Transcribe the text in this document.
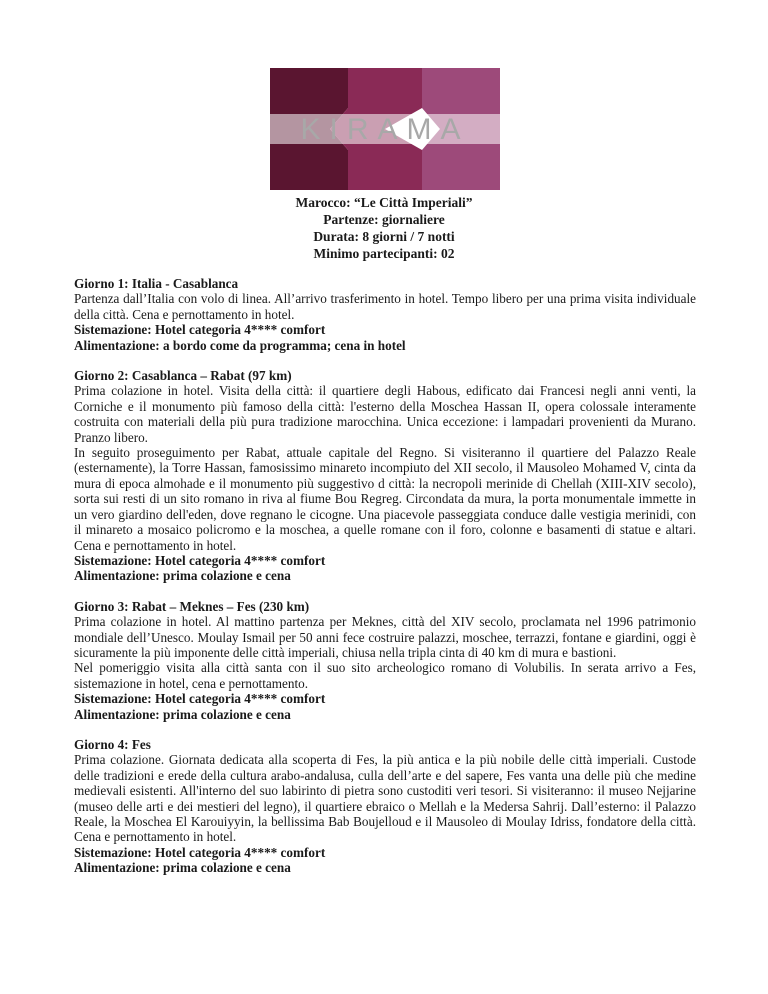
KIRAMA
Marocco: “Le Città Imperiali”
Partenze: giornaliere
Durata: 8 giorni / 7 notti
Minimo partecipanti: 02
Giorno 1: Italia - Casablanca
Partenza dall’Italia con volo di linea. All’arrivo trasferimento in hotel. Tempo libero per una prima visita individuale della città. Cena e pernottamento in hotel.
Sistemazione: Hotel categoria 4**** comfort
Alimentazione: a bordo come da programma; cena in hotel
Giorno 2: Casablanca – Rabat (97 km)
Prima colazione in hotel. Visita della città: il quartiere degli Habous, edificato dai Francesi negli anni venti, la Corniche e il monumento più famoso della città: l'esterno della Moschea Hassan II, opera colossale interamente costruita con materiali della più pura tradizione marocchina. Unica eccezione: i lampadari provenienti da Murano. Pranzo libero.
In seguito proseguimento per Rabat, attuale capitale del Regno. Si visiteranno il quartiere del Palazzo Reale (esternamente), la Torre Hassan, famosissimo minareto incompiuto del XII secolo, il Mausoleo Mohamed V, cinta da mura di epoca almohade e il monumento più suggestivo d città: la necropoli merinide di Chellah (XIII-XIV secolo), sorta sui resti di un sito romano in riva al fiume Bou Regreg. Circondata da mura, la porta monumentale immette in un vero giardino dell'eden, dove regnano le cicogne. Una piacevole passeggiata conduce dalle vestigia merinidi, con il minareto a mosaico policromo e la moschea, a quelle romane con il foro, colonne e basamenti di statue e altari. Cena e pernottamento in hotel.
Sistemazione: Hotel categoria 4**** comfort
Alimentazione: prima colazione e cena
Giorno 3: Rabat – Meknes – Fes (230 km)
Prima colazione in hotel. Al mattino partenza per Meknes, città del XIV secolo, proclamata nel 1996 patrimonio mondiale dell’Unesco. Moulay Ismail per 50 anni fece costruire palazzi, moschee, terrazzi, fontane e giardini, oggi è sicuramente la più imponente delle città imperiali, chiusa nella tripla cinta di 40 km di mura e bastioni.
Nel pomeriggio visita alla città santa con il suo sito archeologico romano di Volubilis. In serata arrivo a Fes, sistemazione in hotel, cena e pernottamento.
Sistemazione: Hotel categoria 4**** comfort
Alimentazione: prima colazione e cena
Giorno 4: Fes
Prima colazione. Giornata dedicata alla scoperta di Fes, la più antica e la più nobile delle città imperiali. Custode delle tradizioni e erede della cultura arabo-andalusa, culla dell’arte e del sapere, Fes vanta una delle più che medine medievali esistenti. All'interno del suo labirinto di pietra sono custoditi veri tesori. Si visiteranno: il museo Nejjarine (museo delle arti e dei mestieri del legno), il quartiere ebraico o Mellah e la Medersa Sahrij. Dall’esterno: il Palazzo Reale, la Moschea El Karouiyyin, la bellissima Bab Boujelloud e il Mausoleo di Moulay Idriss, fondatore della città. Cena e pernottamento in hotel.
Sistemazione: Hotel categoria 4**** comfort
Alimentazione: prima colazione e cena
